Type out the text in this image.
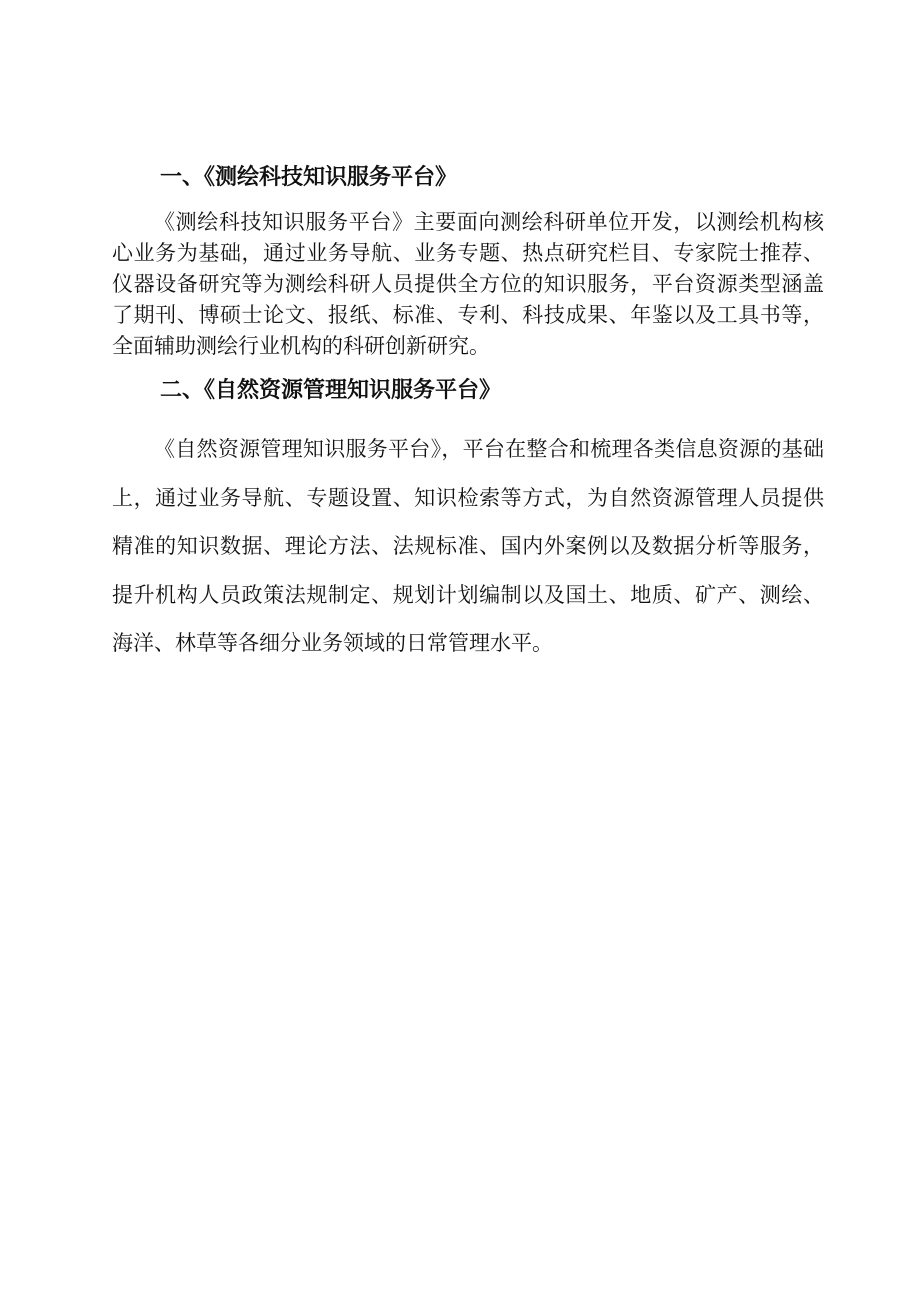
一、《测绘科技知识服务平台》

《测绘科技知识服务平台》主要面向测绘科研单位开发，以测绘机构核心业务为基础，通过业务导航、业务专题、热点研究栏目、专家院士推荐、仪器设备研究等为测绘科研人员提供全方位的知识服务，平台资源类型涵盖了期刊、博硕士论文、报纸、标准、专利、科技成果、年鉴以及工具书等，全面辅助测绘行业机构的科研创新研究。

二、《自然资源管理知识服务平台》

《自然资源管理知识服务平台》，平台在整合和梳理各类信息资源的基础上，通过业务导航、专题设置、知识检索等方式，为自然资源管理人员提供精准的知识数据、理论方法、法规标准、国内外案例以及数据分析等服务，提升机构人员政策法规制定、规划计划编制以及国土、地质、矿产、测绘、海洋、林草等各细分业务领域的日常管理水平。
